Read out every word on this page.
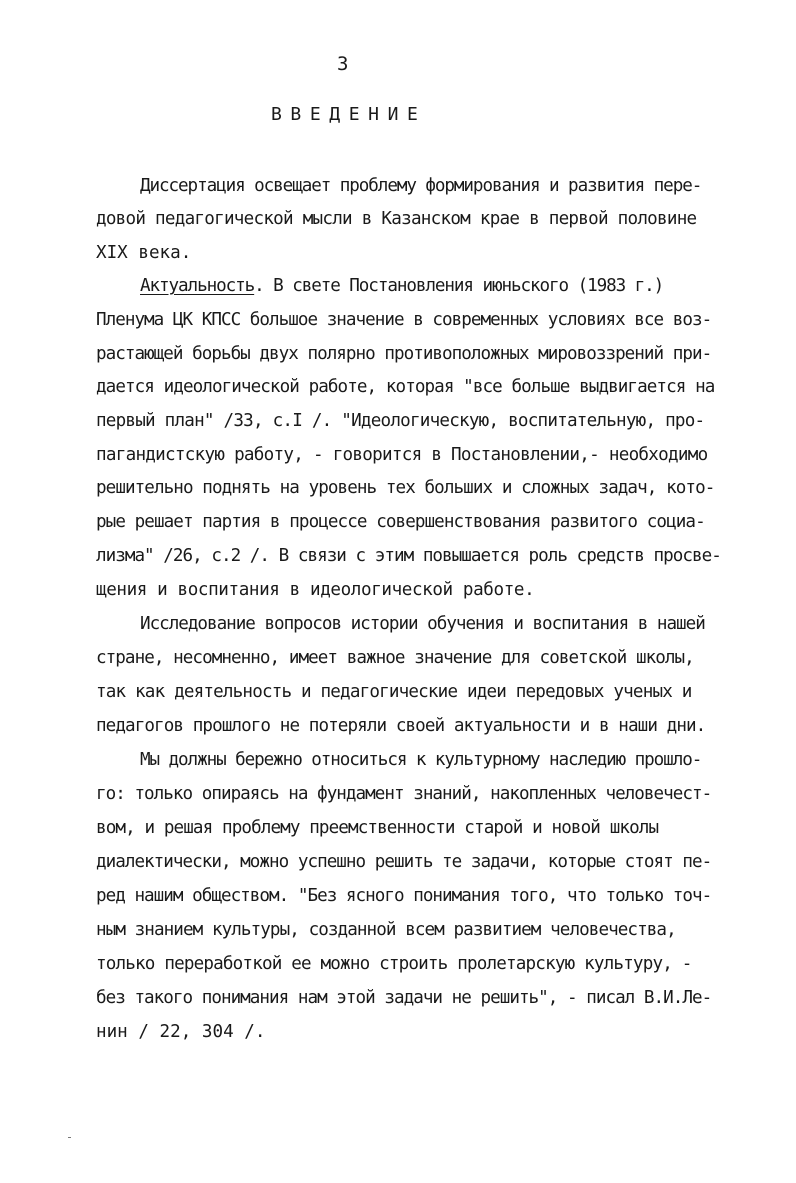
3
ВВЕДЕНИЕ
Диссертация освещает проблему формирования и развития пере-
довой педагогической мысли в Казанском крае в первой половине
XIX века.
Актуальность. В свете Постановления июньского (1983 г.)
Пленума ЦК КПСС большое значение в современных условиях все воз-
растающей борьбы двух полярно противоположных мировоззрений при-
дается идеологической работе, которая "все больше выдвигается на
первый план" /33, с.I /. "Идеологическую, воспитательную, про-
пагандистскую работу, - говорится в Постановлении,- необходимо
решительно поднять на уровень тех больших и сложных задач, кото-
рые решает партия в процессе совершенствования развитого социа-
лизма" /26, с.2 /. В связи с этим повышается роль средств просве-
щения и воспитания в идеологической работе.
Исследование вопросов истории обучения и воспитания в нашей
стране, несомненно, имеет важное значение для советской школы,
так как деятельность и педагогические идеи передовых ученых и
педагогов прошлого не потеряли своей актуальности и в наши дни.
Мы должны бережно относиться к культурному наследию прошло-
го: только опираясь на фундамент знаний, накопленных человечест-
вом, и решая проблему преемственности старой и новой школы
диалектически, можно успешно решить те задачи, которые стоят пе-
ред нашим обществом. "Без ясного понимания того, что только точ-
ным знанием культуры, созданной всем развитием человечества,
только переработкой ее можно строить пролетарскую культуру, -
без такого понимания нам этой задачи не решить", - писал В.И.Ле-
нин / 22, 304 /.
